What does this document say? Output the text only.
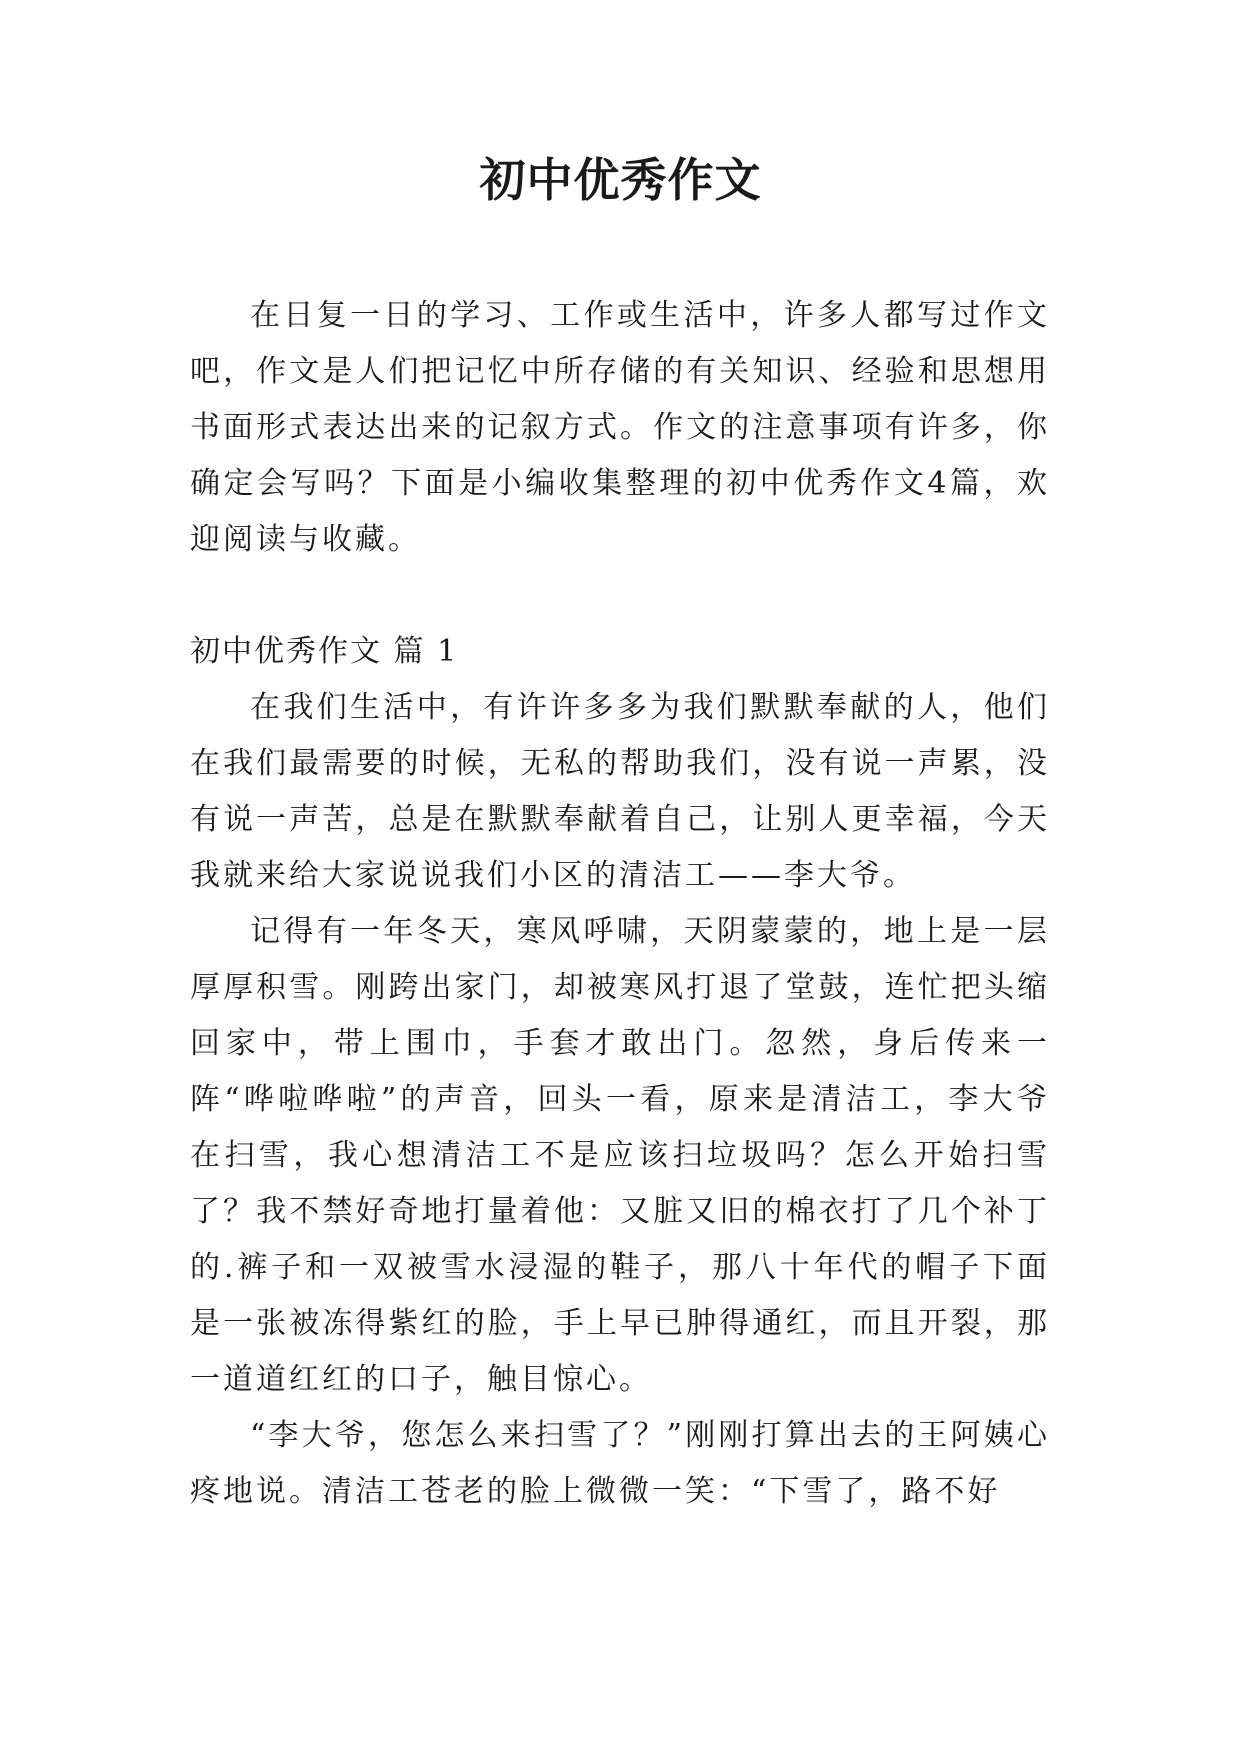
初中优秀作文

在日复一日的学习、工作或生活中，许多人都写过作文吧，作文是人们把记忆中所存储的有关知识、经验和思想用书面形式表达出来的记叙方式。作文的注意事项有许多，你确定会写吗？下面是小编收集整理的初中优秀作文4篇，欢迎阅读与收藏。

初中优秀作文 篇 1

在我们生活中，有许许多多为我们默默奉献的人，他们在我们最需要的时候，无私的帮助我们，没有说一声累，没有说一声苦，总是在默默奉献着自己，让别人更幸福，今天我就来给大家说说我们小区的清洁工——李大爷。

记得有一年冬天，寒风呼啸，天阴蒙蒙的，地上是一层厚厚积雪。刚跨出家门，却被寒风打退了堂鼓，连忙把头缩回家中，带上围巾，手套才敢出门。忽然，身后传来一阵“哗啦哗啦”的声音，回头一看，原来是清洁工，李大爷在扫雪，我心想清洁工不是应该扫垃圾吗？怎么开始扫雪了？我不禁好奇地打量着他：又脏又旧的棉衣打了几个补丁的.裤子和一双被雪水浸湿的鞋子，那八十年代的帽子下面是一张被冻得紫红的脸，手上早已肿得通红，而且开裂，那一道道红红的口子，触目惊心。

“李大爷，您怎么来扫雪了？”刚刚打算出去的王阿姨心疼地说。清洁工苍老的脸上微微一笑：“下雪了，路不好
